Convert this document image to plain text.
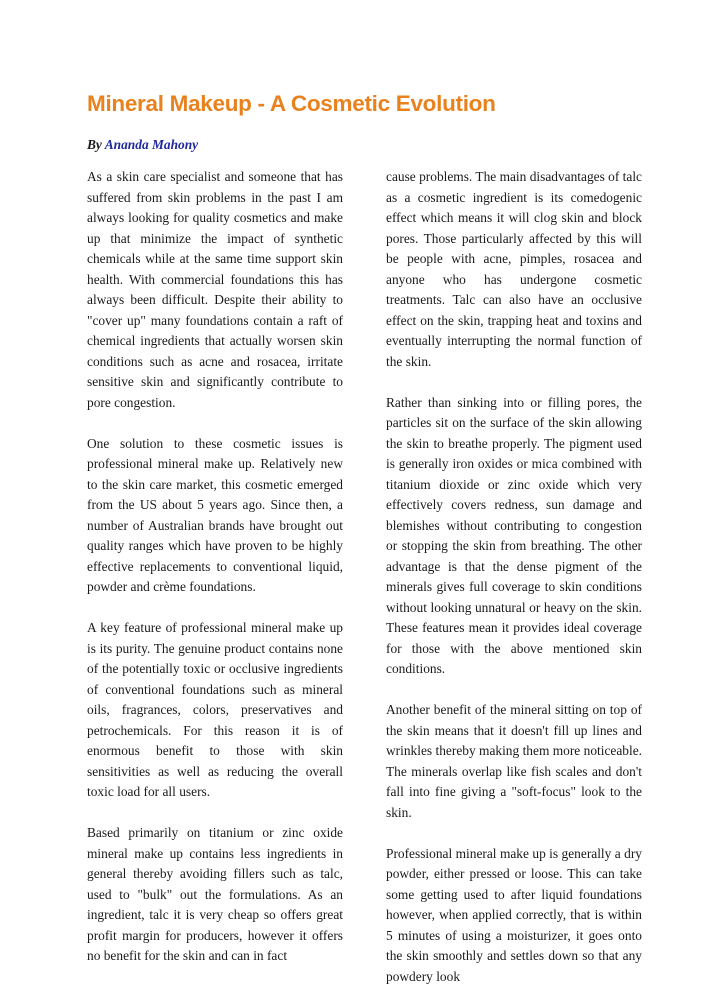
Mineral Makeup - A Cosmetic Evolution
By Ananda Mahony

As a skin care specialist and someone that has suffered from skin problems in the past I am always looking for quality cosmetics and make up that minimize the impact of synthetic chemicals while at the same time support skin health. With commercial foundations this has always been difficult. Despite their ability to "cover up" many foundations contain a raft of chemical ingredients that actually worsen skin conditions such as acne and rosacea, irritate sensitive skin and significantly contribute to pore congestion.

One solution to these cosmetic issues is professional mineral make up. Relatively new to the skin care market, this cosmetic emerged from the US about 5 years ago. Since then, a number of Australian brands have brought out quality ranges which have proven to be highly effective replacements to conventional liquid, powder and crème foundations.

A key feature of professional mineral make up is its purity. The genuine product contains none of the potentially toxic or occlusive ingredients of conventional foundations such as mineral oils, fragrances, colors, preservatives and petrochemicals. For this reason it is of enormous benefit to those with skin sensitivities as well as reducing the overall toxic load for all users.

Based primarily on titanium or zinc oxide mineral make up contains less ingredients in general thereby avoiding fillers such as talc, used to "bulk" out the formulations. As an ingredient, talc it is very cheap so offers great profit margin for producers, however it offers no benefit for the skin and can in fact

cause problems. The main disadvantages of talc as a cosmetic ingredient is its comedogenic effect which means it will clog skin and block pores. Those particularly affected by this will be people with acne, pimples, rosacea and anyone who has undergone cosmetic treatments. Talc can also have an occlusive effect on the skin, trapping heat and toxins and eventually interrupting the normal function of the skin.

Rather than sinking into or filling pores, the particles sit on the surface of the skin allowing the skin to breathe properly. The pigment used is generally iron oxides or mica combined with titanium dioxide or zinc oxide which very effectively covers redness, sun damage and blemishes without contributing to congestion or stopping the skin from breathing. The other advantage is that the dense pigment of the minerals gives full coverage to skin conditions without looking unnatural or heavy on the skin. These features mean it provides ideal coverage for those with the above mentioned skin conditions.

Another benefit of the mineral sitting on top of the skin means that it doesn't fill up lines and wrinkles thereby making them more noticeable. The minerals overlap like fish scales and don't fall into fine giving a "soft-focus" look to the skin.

Professional mineral make up is generally a dry powder, either pressed or loose. This can take some getting used to after liquid foundations however, when applied correctly, that is within 5 minutes of using a moisturizer, it goes onto the skin smoothly and settles down so that any powdery look
